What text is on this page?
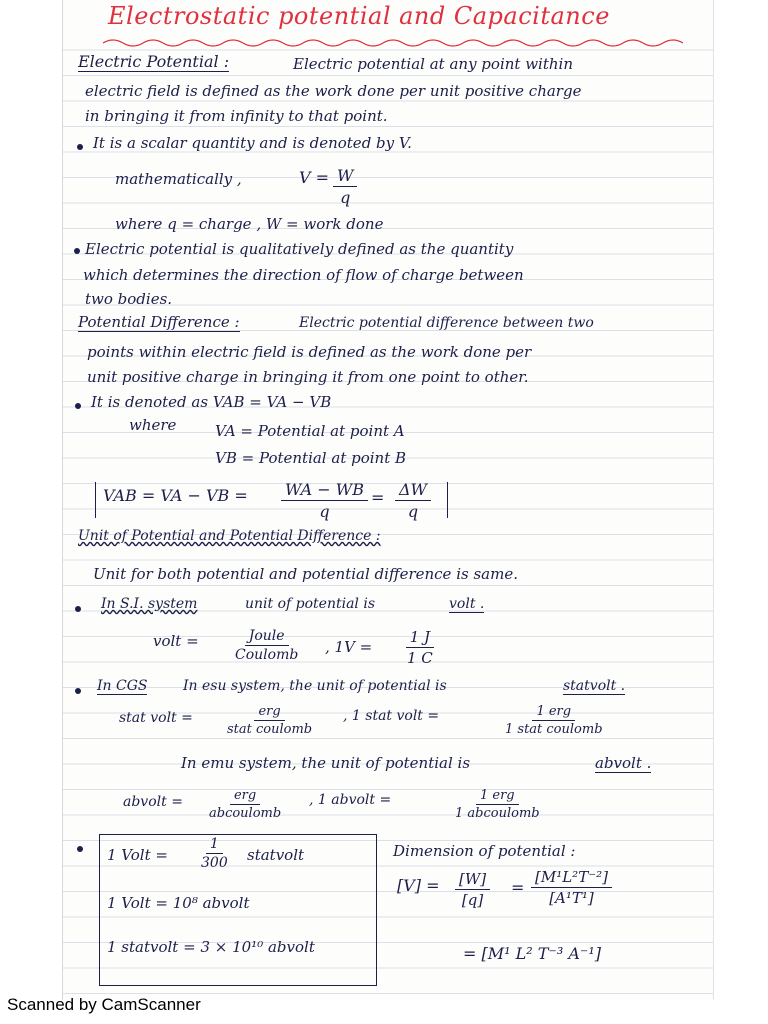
Electrostatic potential and Capacitance
Electric Potential :	Electric potential at any point within
electric field is defined as the work done per unit positive charge
in bringing it from infinity to that point.
It is a scalar quantity and is denoted by V.
mathematically ,	$V = \frac{W}{q}$
where q = charge , W = work done
Electric potential is qualitatively defined as the quantity
which determines the direction of flow of charge between
two bodies.
Potential Difference :	Electric potential difference between two
points within electric field is defined as the work done per
unit positive charge in bringing it from one point to other.
It is denoted as VAB = VA − VB
where	VA = Potential at point A
VB = Potential at point B
VAB = VA − VB = $\frac{WA - WB}{q} = \frac{\Delta W}{q}$
Unit of Potential and Potential Difference :
Unit for both potential and potential difference is same.
In S.I. system	unit of potential is	volt .
volt =	Joule
Coulomb , $1V = \frac{1 J}{1 C}$
In CGS	In esu system, the unit of potential is	statvolt .
stat volt =	erg
stat coulomb
, 1 stat volt =	1 erg
1 stat coulomb
In emu system, the unit of potential is	abvolt .
abvolt =	erg
abcoulomb
, 1 abvolt =	1 erg
1 abcoulomb
1 Volt = $\frac{1}{300}$ statvolt
1 Volt = 10⁸ abvolt
1 statvolt = 3 × 10¹⁰ abvolt
Dimension of potential :
$[V] = \frac{[W]}{[q]} = \frac{\text{[M¹L²T⁻²]}}{\text{[A¹T¹]}}$
= [M¹ L² T⁻³ A⁻¹]
Scanned by CamScanner
